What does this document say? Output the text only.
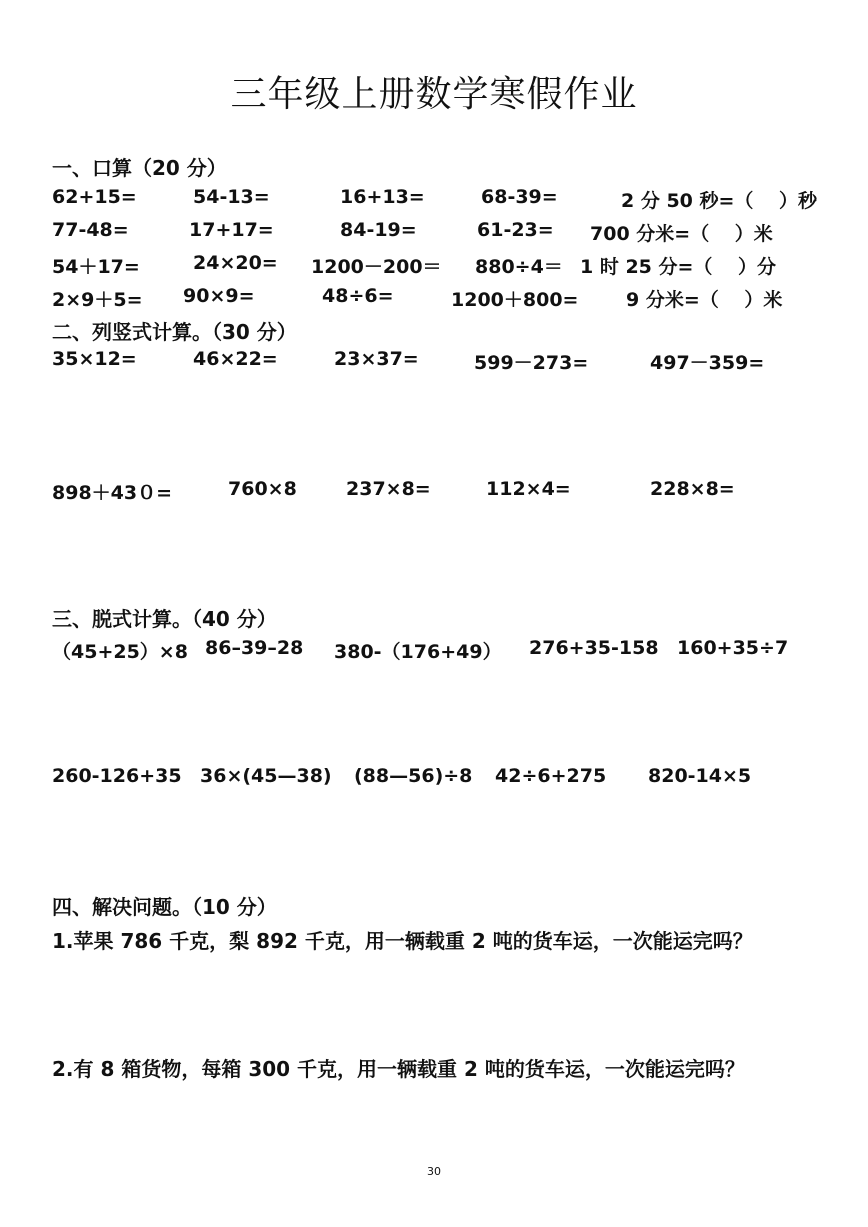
三年级上册数学寒假作业
一、口算（20 分）
62+15=	54-13=	16+13=	68-39=	2 分 50 秒=（　 ）秒
77-48=	17+17=	84-19=	61-23= 700 分米=（　 ）米
54＋17=	24×20= 1200－200＝ 880÷4＝ 1 时 25 分=（　 ）分
2×9＋5= 90×9=	48÷6=	1200＋800=	9 分米=（　 ）米
二、列竖式计算。（30 分）
35×12=	46×22=	23×37=	599－273=	497－359=
898＋43０=	760×8	237×8=	112×4=	228×8=
三、脱式计算。（40 分）
（45+25）×8 86–39–28 380-（176+49） 276+35-158 160+35÷7
260-126+35 36×(45—38) (88—56)÷8 42÷6+275 820-14×5
四、解决问题。（10 分）
1.苹果 786 千克，梨 892 千克，用一辆载重 2 吨的货车运，一次能运完吗？
2.有 8 箱货物，每箱 300 千克，用一辆载重 2 吨的货车运，一次能运完吗？
30
